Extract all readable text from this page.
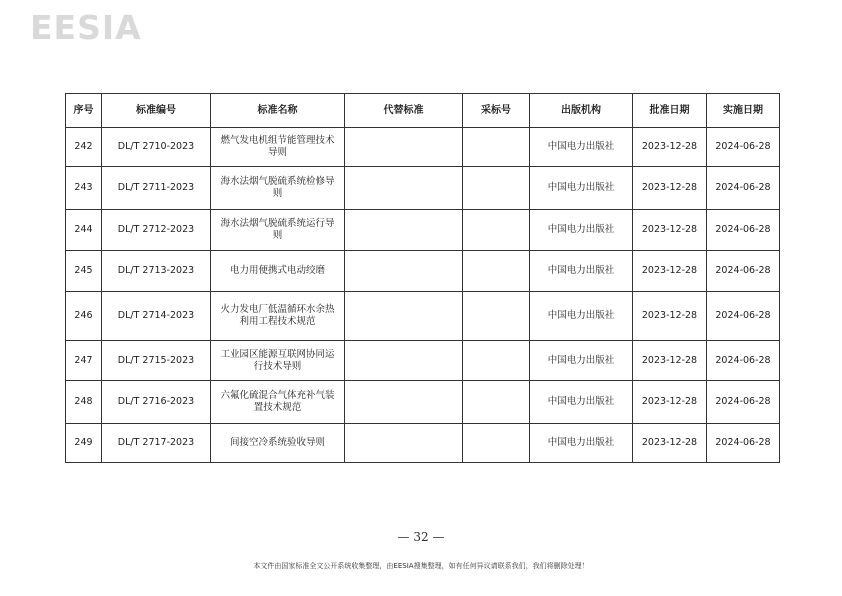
EESIA
序号	标准编号	标准名称	代替标准	采标号	出版机构	批准日期	实施日期
242	DL/T 2710-2023	燃气发电机组节能管理技术导则			中国电力出版社	2023-12-28	2024-06-28
243	DL/T 2711-2023	海水法烟气脱硫系统检修导则			中国电力出版社	2023-12-28	2024-06-28
244	DL/T 2712-2023	海水法烟气脱硫系统运行导则			中国电力出版社	2023-12-28	2024-06-28
245	DL/T 2713-2023	电力用便携式电动绞磨			中国电力出版社	2023-12-28	2024-06-28
246	DL/T 2714-2023	火力发电厂低温循环水余热利用工程技术规范			中国电力出版社	2023-12-28	2024-06-28
247	DL/T 2715-2023	工业园区能源互联网协同运行技术导则			中国电力出版社	2023-12-28	2024-06-28
248	DL/T 2716-2023	六氟化硫混合气体充补气装置技术规范			中国电力出版社	2023-12-28	2024-06-28
249	DL/T 2717-2023	间接空冷系统验收导则			中国电力出版社	2023-12-28	2024-06-28
— 32 —
本文件由国家标准全文公开系统收集整理，由EESIA搜集整理，如有任何异议请联系我们，我们将删除处理！
